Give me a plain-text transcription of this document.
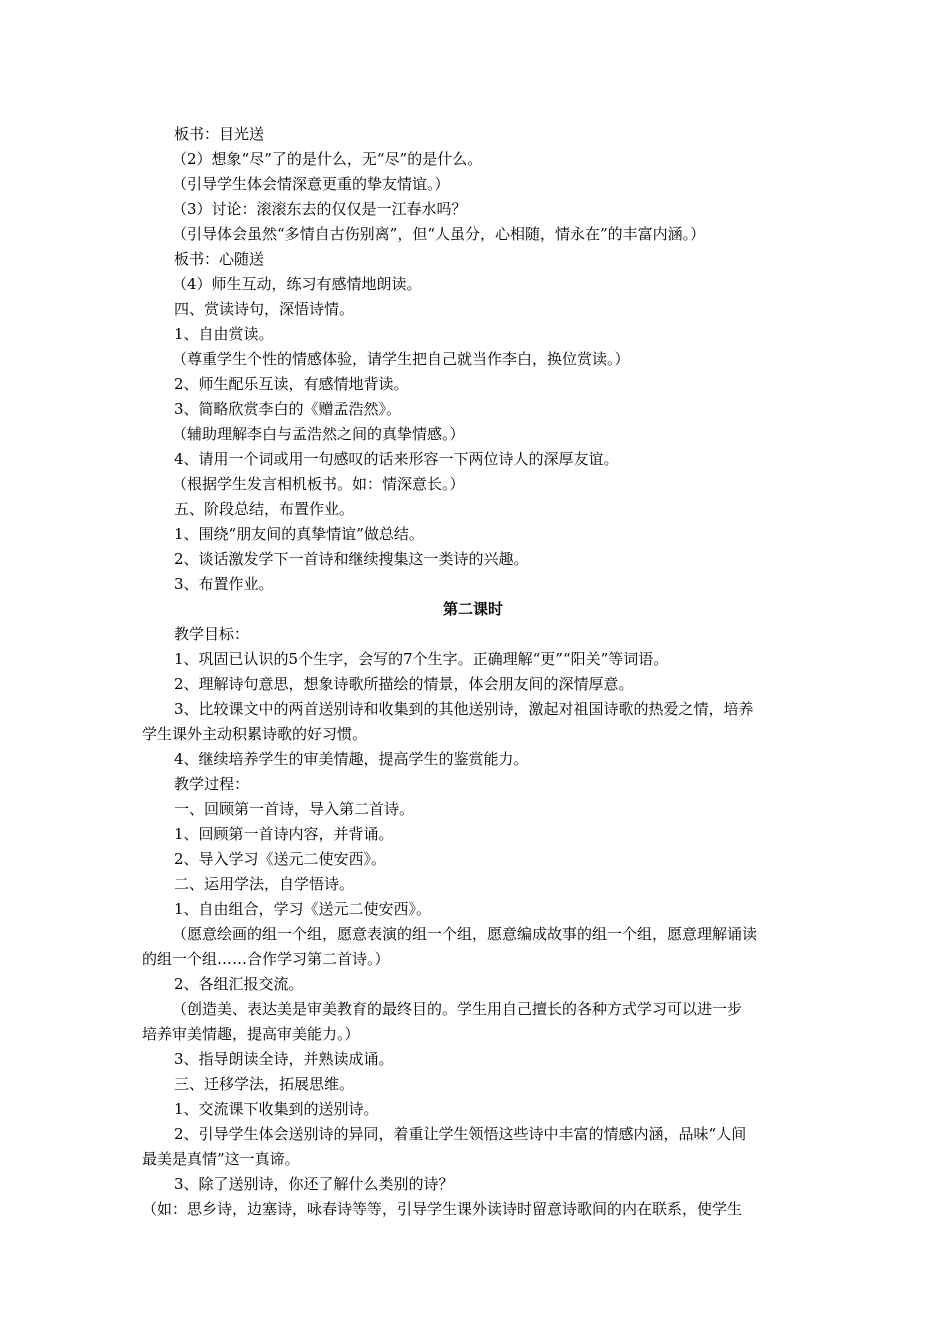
板书：目光送
（2）想象“尽”了的是什么，无“尽”的是什么。
（引导学生体会情深意更重的挚友情谊。）
（3）讨论：滚滚东去的仅仅是一江春水吗？
（引导体会虽然“多情自古伤别离”，但“人虽分，心相随，情永在”的丰富内涵。）
板书：心随送
（4）师生互动，练习有感情地朗读。
四、赏读诗句，深悟诗情。
1、自由赏读。
（尊重学生个性的情感体验，请学生把自己就当作李白，换位赏读。）
2、师生配乐互读，有感情地背读。
3、简略欣赏李白的《赠孟浩然》。
（辅助理解李白与孟浩然之间的真挚情感。）
4、请用一个词或用一句感叹的话来形容一下两位诗人的深厚友谊。
（根据学生发言相机板书。如：情深意长。）
五、阶段总结，布置作业。
1、围绕“朋友间的真挚情谊”做总结。
2、谈话激发学下一首诗和继续搜集这一类诗的兴趣。
3、布置作业。
第二课时
教学目标：
1、巩固已认识的5个生字，会写的7个生字。正确理解“更”“阳关”等词语。
2、理解诗句意思，想象诗歌所描绘的情景，体会朋友间的深情厚意。
3、比较课文中的两首送别诗和收集到的其他送别诗，激起对祖国诗歌的热爱之情，培养
学生课外主动积累诗歌的好习惯。
4、继续培养学生的审美情趣，提高学生的鉴赏能力。
教学过程：
一、回顾第一首诗，导入第二首诗。
1、回顾第一首诗内容，并背诵。
2、导入学习《送元二使安西》。
二、运用学法，自学悟诗。
1、自由组合，学习《送元二使安西》。
（愿意绘画的组一个组，愿意表演的组一个组，愿意编成故事的组一个组，愿意理解诵读
的组一个组……合作学习第二首诗。）
2、各组汇报交流。
（创造美、表达美是审美教育的最终目的。学生用自己擅长的各种方式学习可以进一步
培养审美情趣，提高审美能力。）
3、指导朗读全诗，并熟读成诵。
三、迁移学法，拓展思维。
1、交流课下收集到的送别诗。
2、引导学生体会送别诗的异同，着重让学生领悟这些诗中丰富的情感内涵，品味“人间
最美是真情”这一真谛。
3、除了送别诗，你还了解什么类别的诗？
（如：思乡诗，边塞诗，咏春诗等等，引导学生课外读诗时留意诗歌间的内在联系，使学生
